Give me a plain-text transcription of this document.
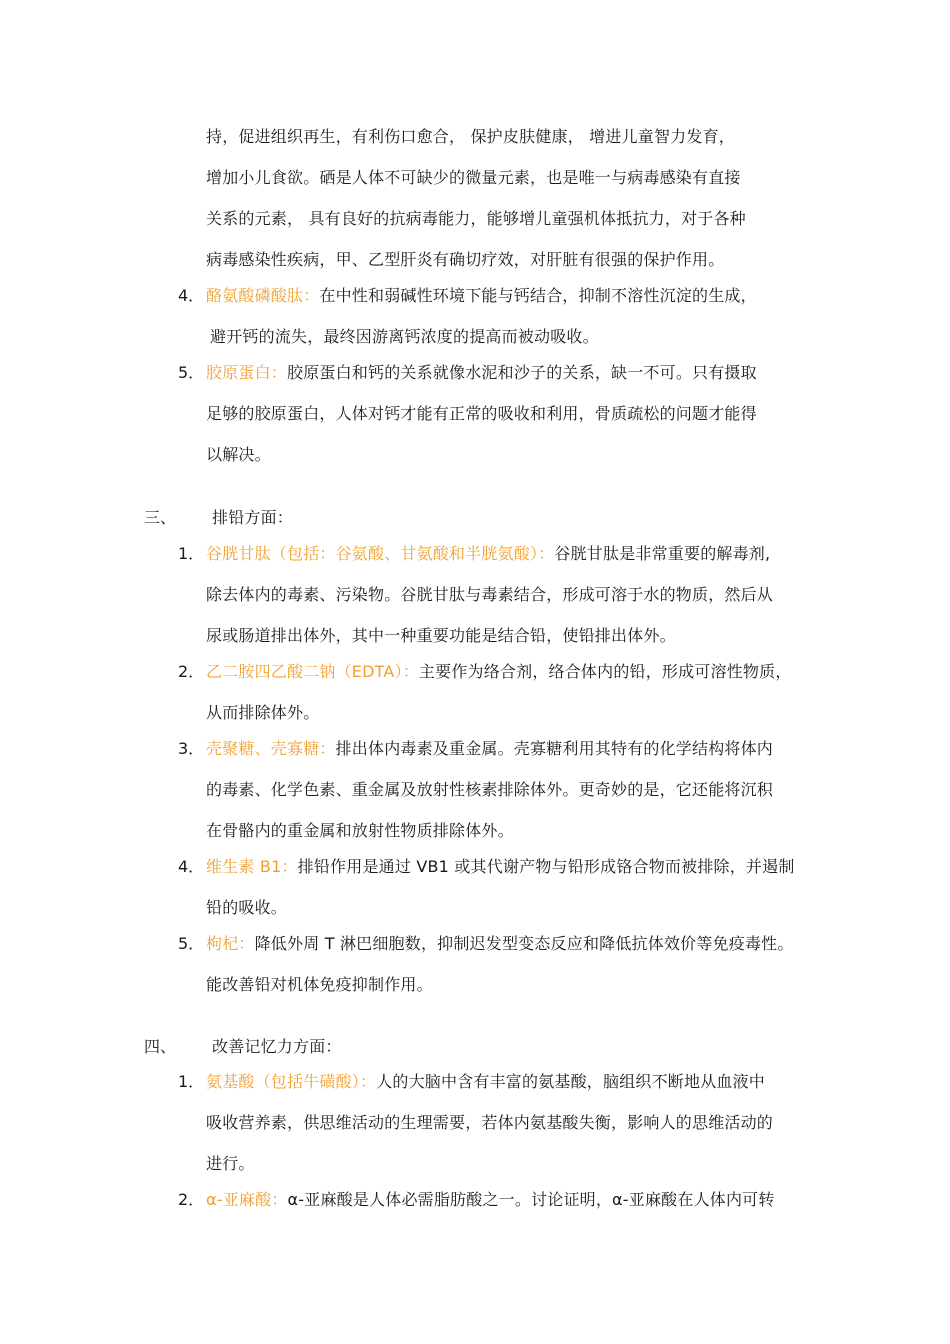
持，促进组织再生，有利伤口愈合， 保护皮肤健康， 增进儿童智力发育，
增加小儿食欲。硒是人体不可缺少的微量元素，也是唯一与病毒感染有直接
关系的元素， 具有良好的抗病毒能力，能够增儿童强机体抵抗力，对于各种
病毒感染性疾病，甲、乙型肝炎有确切疗效，对肝脏有很强的保护作用。
4． 酪氨酸磷酸肽：在中性和弱碱性环境下能与钙结合，抑制不溶性沉淀的生成，
避开钙的流失，最终因游离钙浓度的提高而被动吸收。
5． 胶原蛋白：胶原蛋白和钙的关系就像水泥和沙子的关系，缺一不可。只有摄取
足够的胶原蛋白，人体对钙才能有正常的吸收和利用，骨质疏松的问题才能得
以解决。
三、 排铅方面：
1． 谷胱甘肽（包括：谷氨酸、甘氨酸和半胱氨酸）：谷胱甘肽是非常重要的解毒剂,
除去体内的毒素、污染物。谷胱甘肽与毒素结合，形成可溶于水的物质，然后从
尿或肠道排出体外，其中一种重要功能是结合铅，使铅排出体外。
2． 乙二胺四乙酸二钠（EDTA）：主要作为络合剂，络合体内的铅，形成可溶性物质，
从而排除体外。
3． 壳聚糖、壳寡糖：排出体内毒素及重金属。壳寡糖利用其特有的化学结构将体内
的毒素、化学色素、重金属及放射性核素排除体外。更奇妙的是，它还能将沉积
在骨骼内的重金属和放射性物质排除体外。
4． 维生素 B1：排铅作用是通过 VB1 或其代谢产物与铅形成铬合物而被排除，并遏制
铅的吸收。
5． 枸杞：降低外周 T 淋巴细胞数，抑制迟发型变态反应和降低抗体效价等免疫毒性。
能改善铅对机体免疫抑制作用。
四、 改善记忆力方面：
1． 氨基酸（包括牛磺酸）：人的大脑中含有丰富的氨基酸，脑组织不断地从血液中
吸收营养素，供思维活动的生理需要，若体内氨基酸失衡，影响人的思维活动的
进行。
2． α-亚麻酸：α-亚麻酸是人体必需脂肪酸之一。讨论证明，α-亚麻酸在人体内可转
